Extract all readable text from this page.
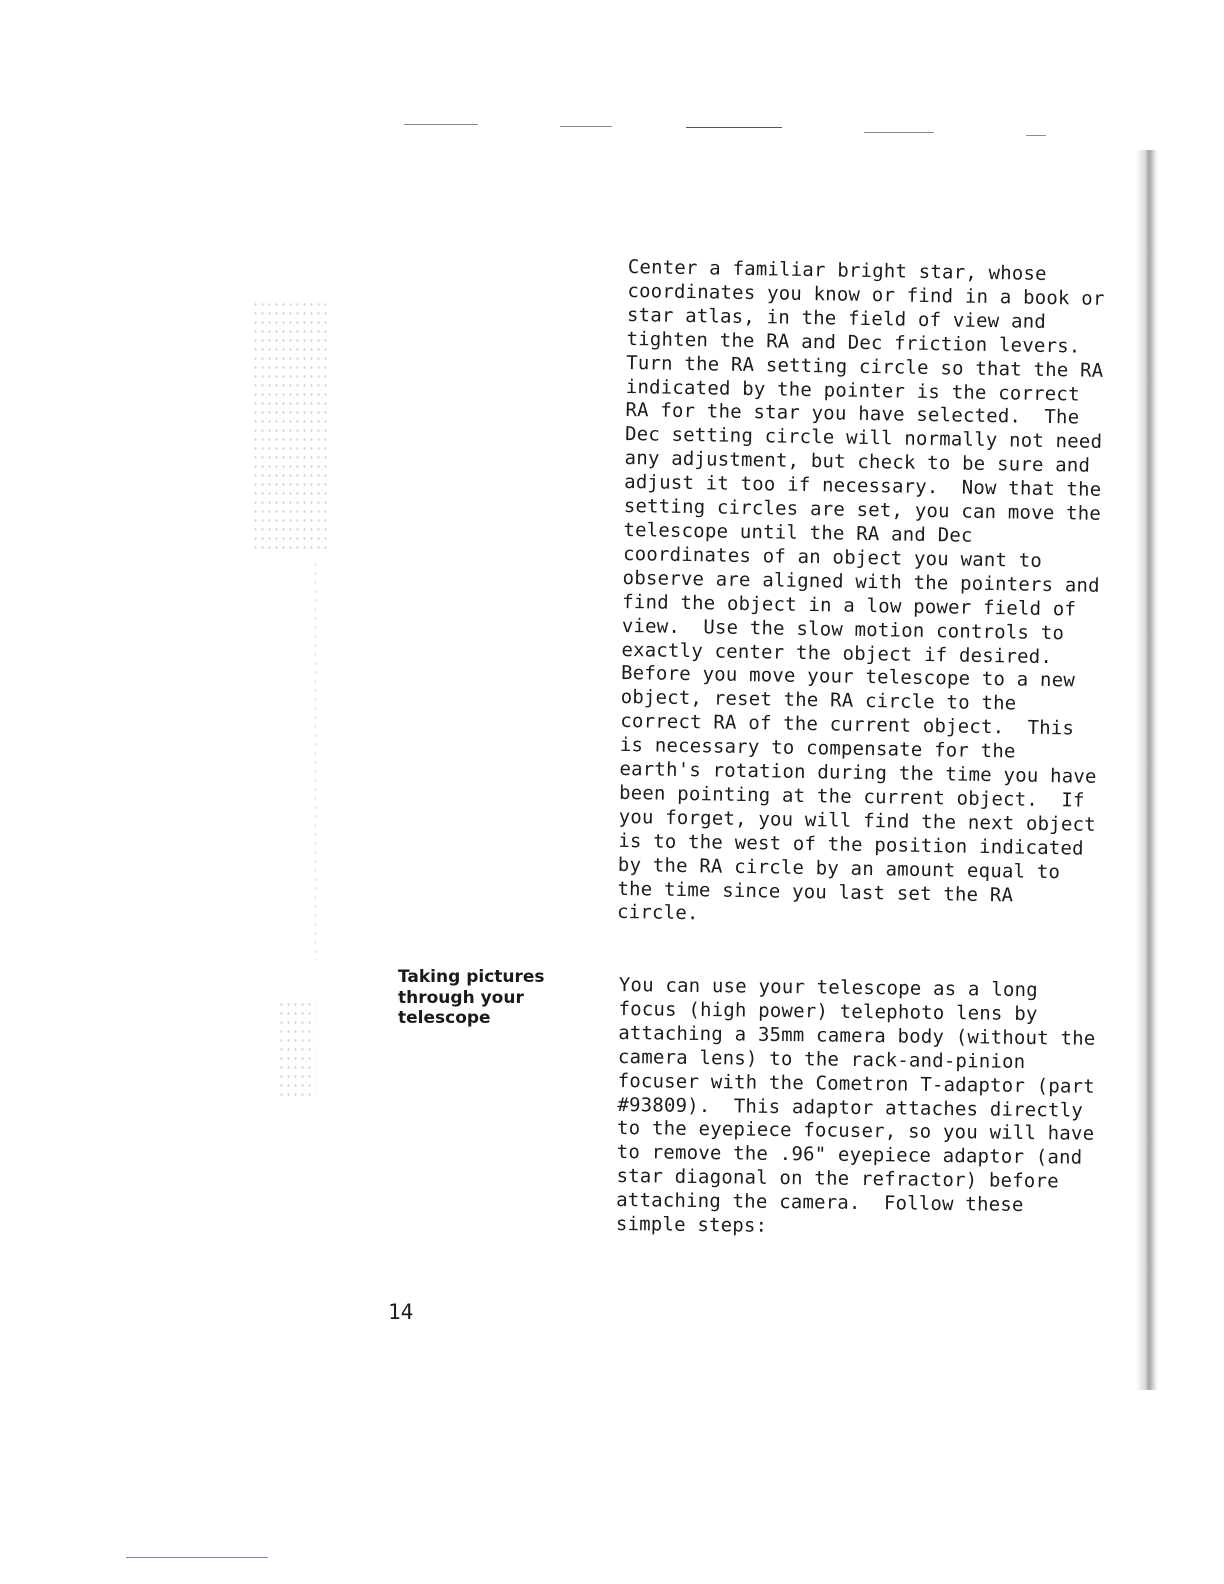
Center a familiar bright star, whose
coordinates you know or find in a book or
star atlas, in the field of view and
tighten the RA and Dec friction levers.
Turn the RA setting circle so that the RA
indicated by the pointer is the correct
RA for the star you have selected.  The
Dec setting circle will normally not need
any adjustment, but check to be sure and
adjust it too if necessary.  Now that the
setting circles are set, you can move the
telescope until the RA and Dec
coordinates of an object you want to
observe are aligned with the pointers and
find the object in a low power field of
view.  Use the slow motion controls to
exactly center the object if desired.
Before you move your telescope to a new
object, reset the RA circle to the
correct RA of the current object.  This
is necessary to compensate for the
earth's rotation during the time you have
been pointing at the current object.  If
you forget, you will find the next object
is to the west of the position indicated
by the RA circle by an amount equal to
the time since you last set the RA
circle.
Taking pictures
through your
telescope
You can use your telescope as a long
focus (high power) telephoto lens by
attaching a 35mm camera body (without the
camera lens) to the rack-and-pinion
focuser with the Cometron T-adaptor (part
#93809).  This adaptor attaches directly
to the eyepiece focuser, so you will have
to remove the .96" eyepiece adaptor (and
star diagonal on the refractor) before
attaching the camera.  Follow these
simple steps:
14
